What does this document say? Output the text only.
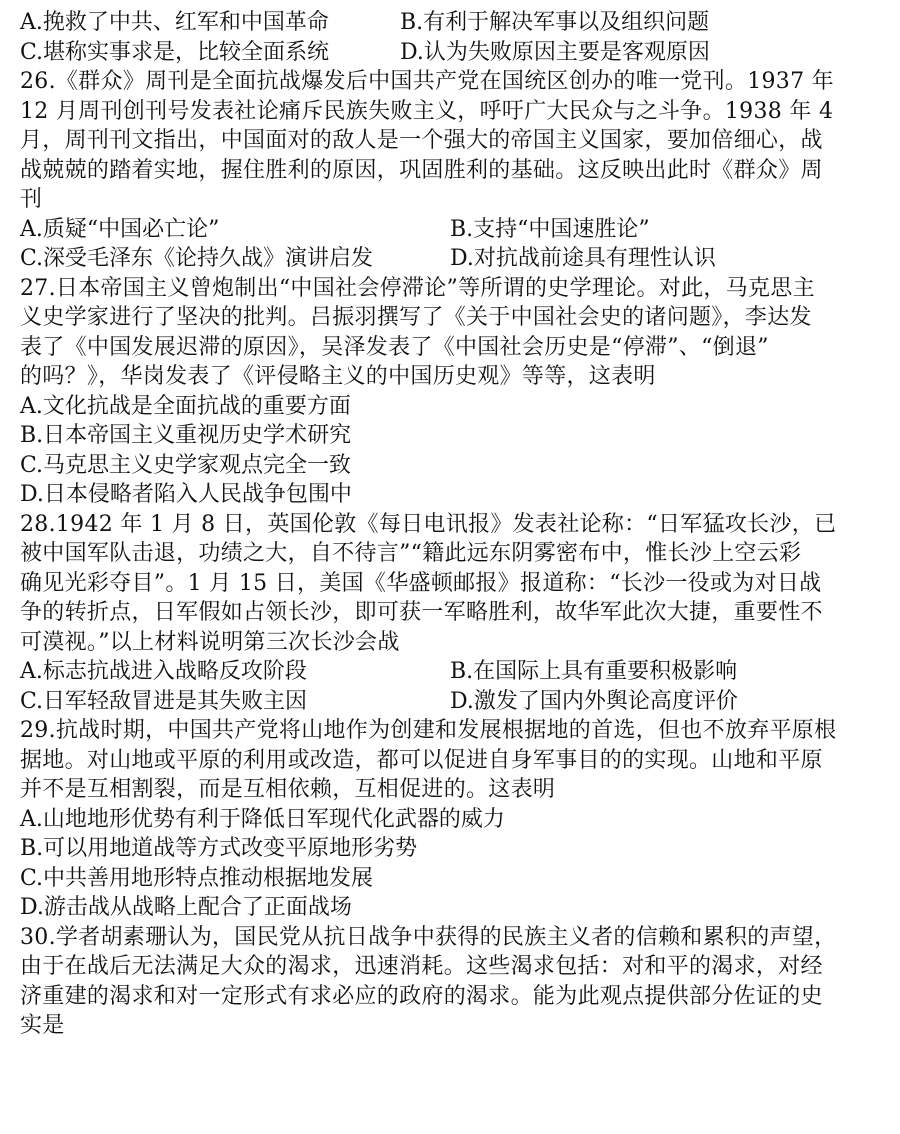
A.挽救了中共、红军和中国革命	B.有利于解决军事以及组织问题
C.堪称实事求是，比较全面系统	D.认为失败原因主要是客观原因
26.《群众》周刊是全面抗战爆发后中国共产党在国统区创办的唯一党刊。1937 年
12 月周刊创刊号发表社论痛斥民族失败主义，呼吁广大民众与之斗争。1938 年 4
月，周刊刊文指出，中国面对的敌人是一个强大的帝国主义国家，要加倍细心，战
战兢兢的踏着实地，握住胜利的原因，巩固胜利的基础。这反映出此时《群众》周
刊
A.质疑“中国必亡论”	B.支持“中国速胜论”
C.深受毛泽东《论持久战》演讲启发	D.对抗战前途具有理性认识
27.日本帝国主义曾炮制出“中国社会停滞论”等所谓的史学理论。对此，马克思主
义史学家进行了坚决的批判。吕振羽撰写了《关于中国社会史的诸问题》，李达发
表了《中国发展迟滞的原因》，吴泽发表了《中国社会历史是“停滞”、“倒退”
的吗？》，华岗发表了《评侵略主义的中国历史观》等等，这表明
A.文化抗战是全面抗战的重要方面
B.日本帝国主义重视历史学术研究
C.马克思主义史学家观点完全一致
D.日本侵略者陷入人民战争包围中
28.1942 年 1 月 8 日，英国伦敦《每日电讯报》发表社论称：“日军猛攻长沙，已
被中国军队击退，功绩之大，自不待言”“籍此远东阴雾密布中，惟长沙上空云彩
确见光彩夺目”。1 月 15 日，美国《华盛顿邮报》报道称：“长沙一役或为对日战
争的转折点，日军假如占领长沙，即可获一军略胜利，故华军此次大捷，重要性不
可漠视。”以上材料说明第三次长沙会战
A.标志抗战进入战略反攻阶段	B.在国际上具有重要积极影响
C.日军轻敌冒进是其失败主因	D.激发了国内外舆论高度评价
29.抗战时期，中国共产党将山地作为创建和发展根据地的首选，但也不放弃平原根
据地。对山地或平原的利用或改造，都可以促进自身军事目的的实现。山地和平原
并不是互相割裂，而是互相依赖，互相促进的。这表明
A.山地地形优势有利于降低日军现代化武器的威力
B.可以用地道战等方式改变平原地形劣势
C.中共善用地形特点推动根据地发展
D.游击战从战略上配合了正面战场
30.学者胡素珊认为，国民党从抗日战争中获得的民族主义者的信赖和累积的声望，
由于在战后无法满足大众的渴求，迅速消耗。这些渴求包括：对和平的渴求，对经
济重建的渴求和对一定形式有求必应的政府的渴求。能为此观点提供部分佐证的史
实是
